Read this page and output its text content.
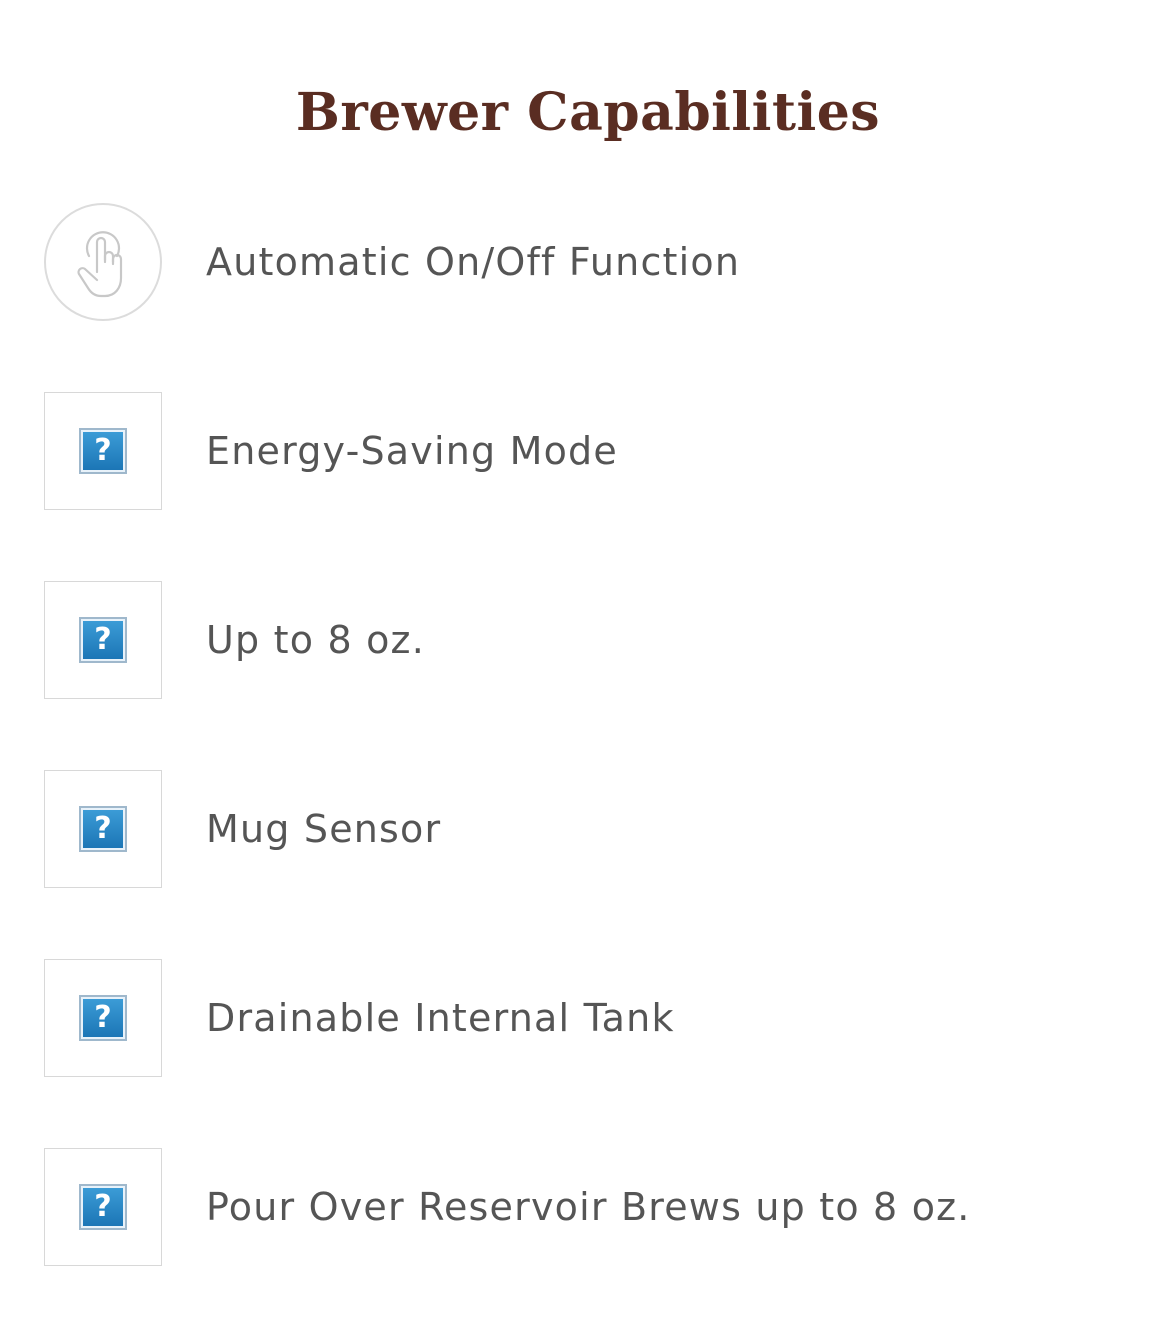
Brewer Capabilities
Automatic On/Off Function
?	Energy-Saving Mode
?	Up to 8 oz.
?	Mug Sensor
?	Drainable Internal Tank
?	Pour Over Reservoir Brews up to 8 oz.
